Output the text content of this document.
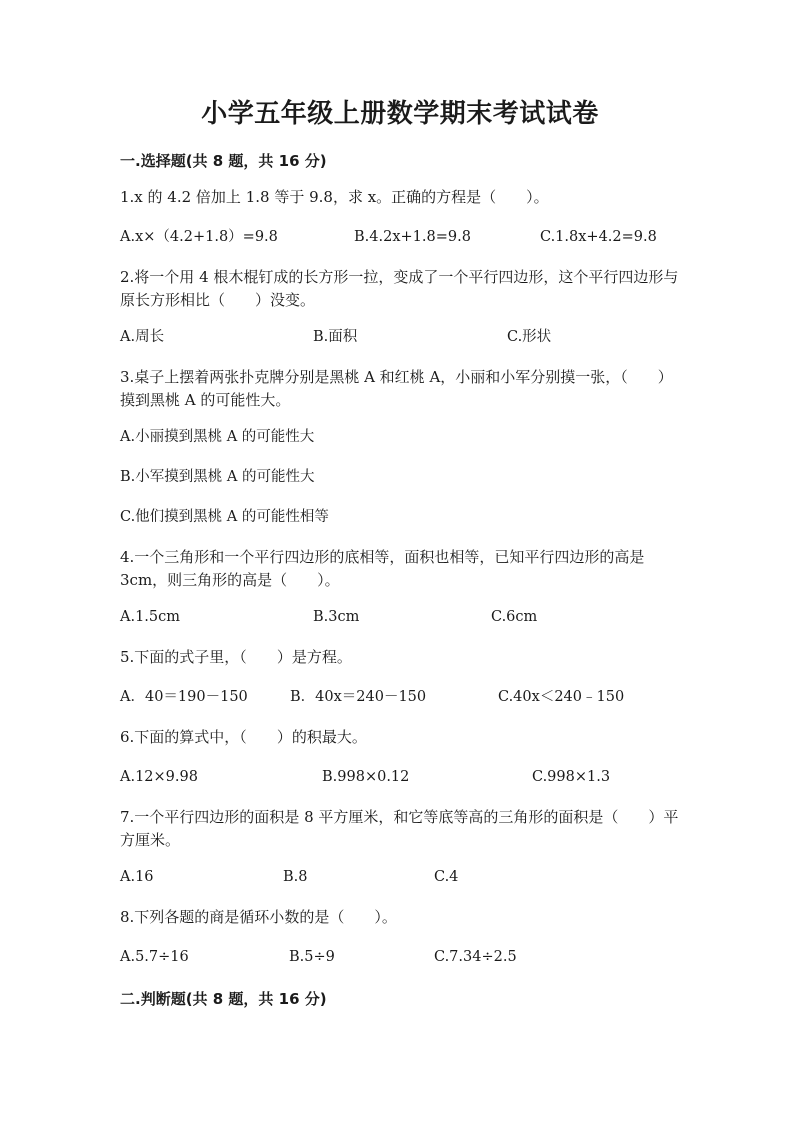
小学五年级上册数学期末考试试卷
一.选择题(共 8 题，共 16 分)

1.x 的 4.2 倍加上 1.8 等于 9.8，求 x。正确的方程是（　　）。

A.x×（4.2+1.8）=9.8	B.4.2x+1.8=9.8	C.1.8x+4.2=9.8

2.将一个用 4 根木棍钉成的长方形一拉，变成了一个平行四边形，这个平行四边形与原长方形相比（　　）没变。

A.周长	B.面积	C.形状

3.桌子上摆着两张扑克牌分别是黑桃 A 和红桃 A，小丽和小军分别摸一张，（　　）摸到黑桃 A 的可能性大。

A.小丽摸到黑桃 A 的可能性大
B.小军摸到黑桃 A 的可能性大
C.他们摸到黑桃 A 的可能性相等

4.一个三角形和一个平行四边形的底相等，面积也相等，已知平行四边形的高是 3cm，则三角形的高是（　　）。

A.1.5cm	B.3cm	C.6cm

5.下面的式子里，（　　）是方程。

A．40＝190－150	B．40x＝240－150	C.40x＜240﹣150

6.下面的算式中，（　　）的积最大。

A.12×9.98	B.998×0.12	C.998×1.3

7.一个平行四边形的面积是 8 平方厘米，和它等底等高的三角形的面积是（　　）平方厘米。

A.16	B.8	C.4

8.下列各题的商是循环小数的是（　　）。

A.5.7÷16	B.5÷9	C.7.34÷2.5
二.判断题(共 8 题，共 16 分)
